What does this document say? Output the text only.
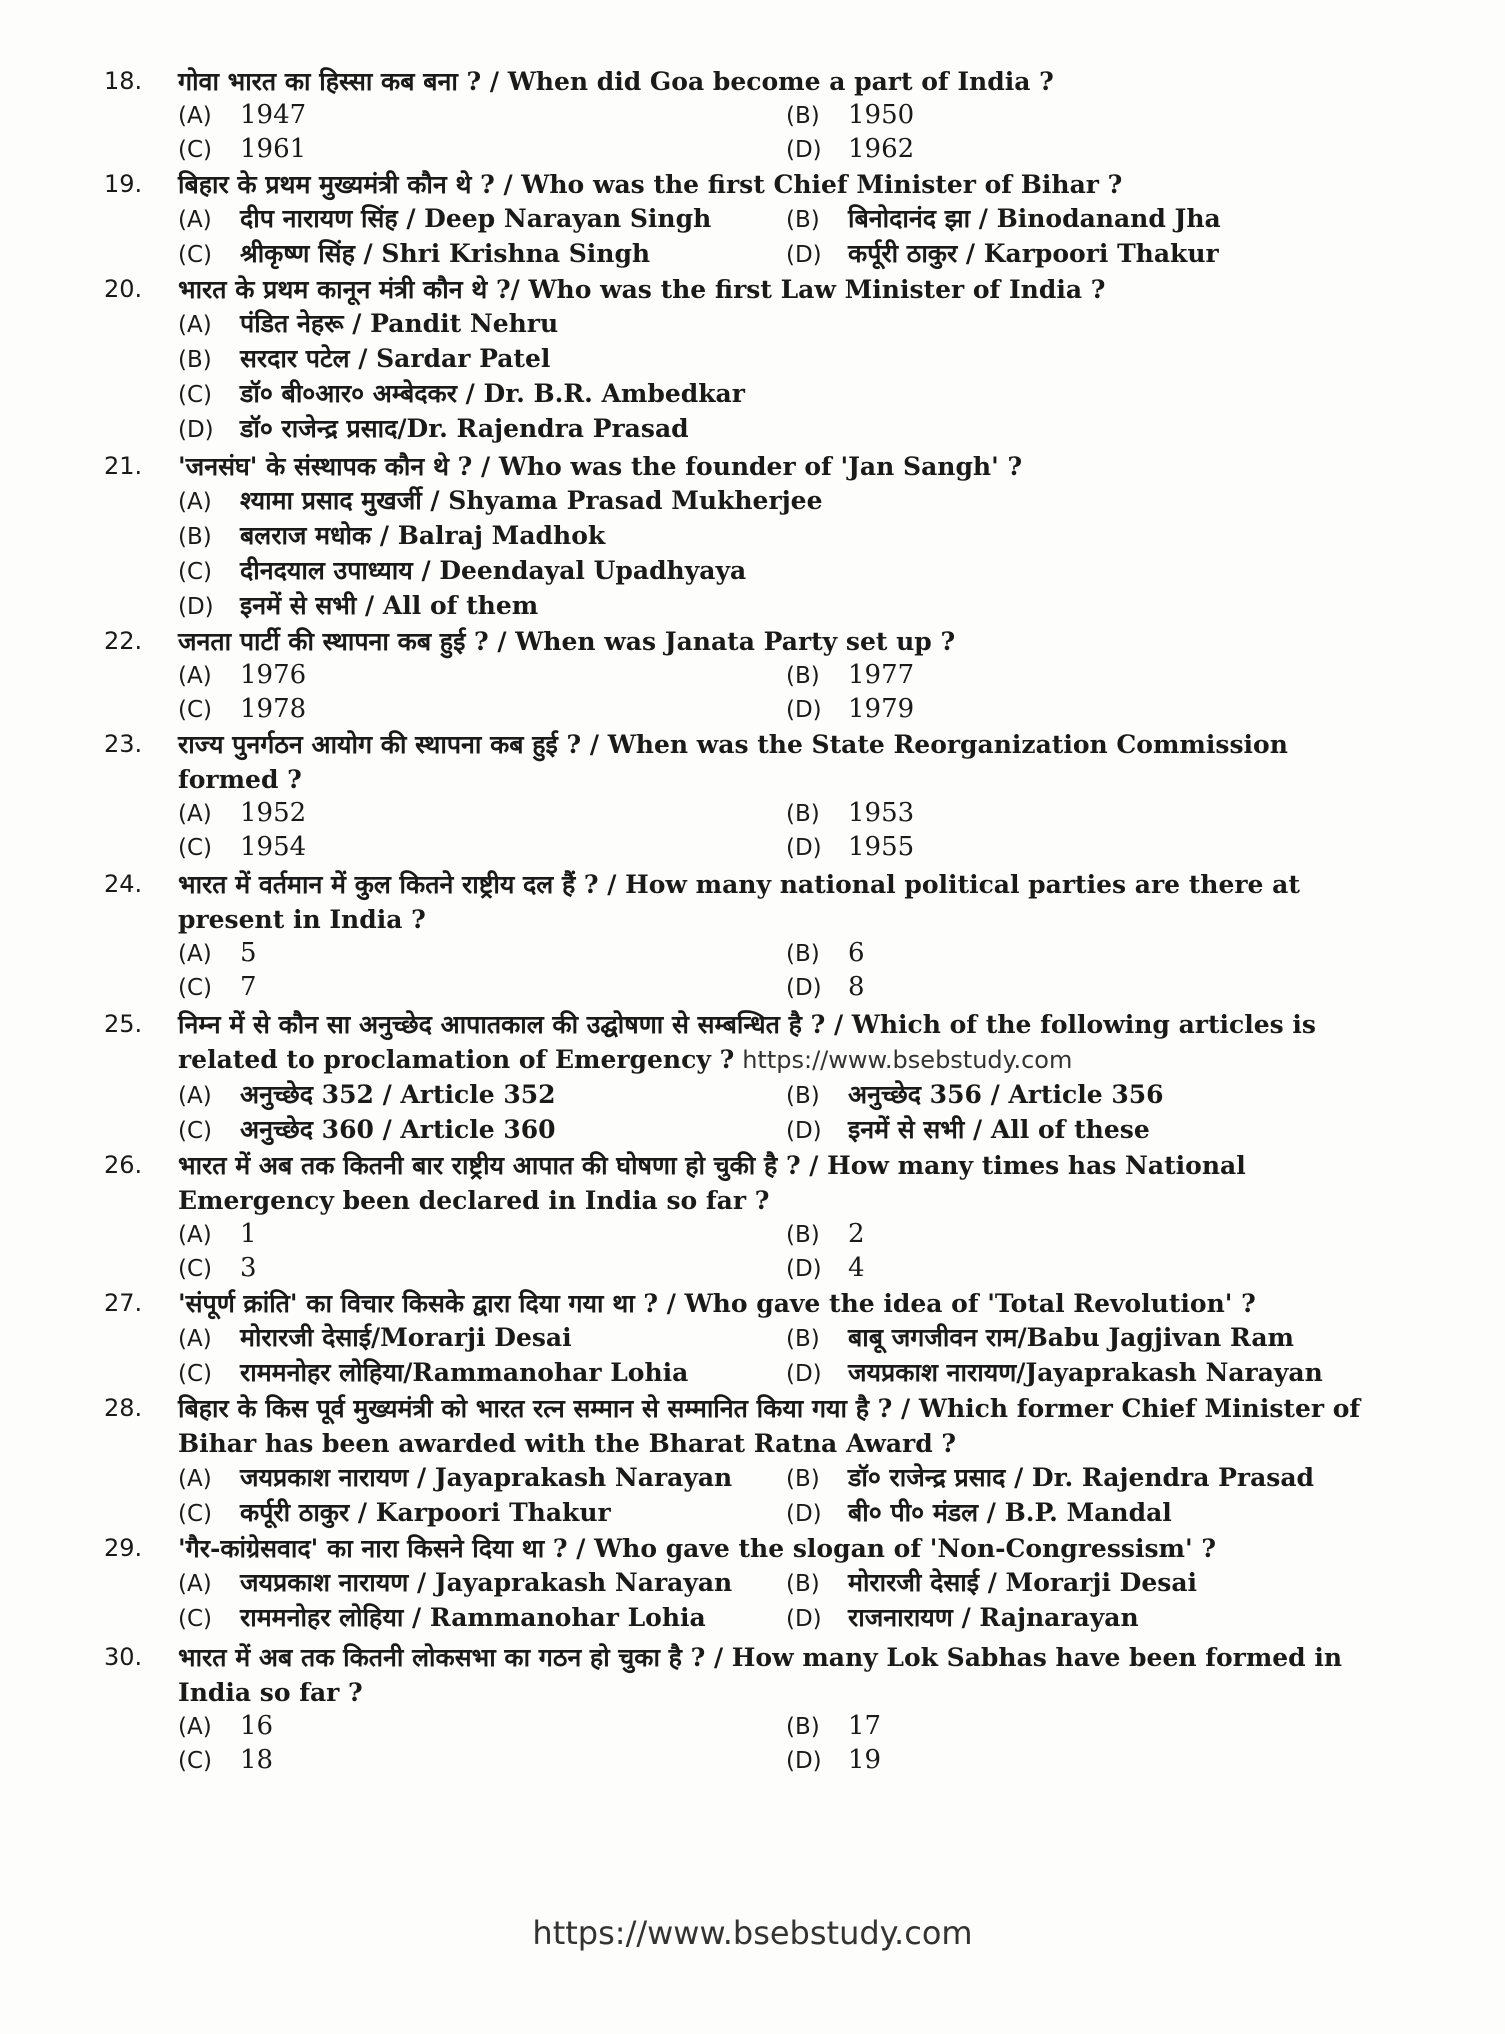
18.	गोवा भारत का हिस्सा कब बना ? / When did Goa become a part of India ?
(A)	1947	(B)	1950
(C)	1961	(D)	1962
19.	बिहार के प्रथम मुख्यमंत्री कौन थे ? / Who was the first Chief Minister of Bihar ?
(A)	दीप नारायण सिंह / Deep Narayan Singh	(B)	बिनोदानंद झा / Binodanand Jha
(C)	श्रीकृष्ण सिंह / Shri Krishna Singh	(D)	कर्पूरी ठाकुर / Karpoori Thakur
20.	भारत के प्रथम कानून मंत्री कौन थे ?/ Who was the first Law Minister of India ?
(A)	पंडित नेहरू / Pandit Nehru
(B)	सरदार पटेल / Sardar Patel
(C)	डॉ० बी०आर० अम्बेदकर / Dr. B.R. Ambedkar
(D)	डॉ० राजेन्द्र प्रसाद/Dr. Rajendra Prasad
21.	'जनसंघ' के संस्थापक कौन थे ? / Who was the founder of 'Jan Sangh' ?
(A)	श्यामा प्रसाद मुखर्जी / Shyama Prasad Mukherjee
(B)	बलराज मधोक / Balraj Madhok
(C)	दीनदयाल उपाध्याय / Deendayal Upadhyaya
(D)	इनमें से सभी / All of them
22.	जनता पार्टी की स्थापना कब हुई ? / When was Janata Party set up ?
(A)	1976	(B)	1977
(C)	1978	(D)	1979
23.	राज्य पुनर्गठन आयोग की स्थापना कब हुई ? / When was the State Reorganization Commission formed ?
(A)	1952	(B)	1953
(C)	1954	(D)	1955
24.	भारत में वर्तमान में कुल कितने राष्ट्रीय दल हैं ? / How many national political parties are there at present in India ?
(A)	5	(B)	6
(C)	7	(D)	8
25.	निम्न में से कौन सा अनुच्छेद आपातकाल की उद्घोषणा से सम्बन्धित है ? / Which of the following articles is related to proclamation of Emergency ? https://www.bsebstudy.com
(A)	अनुच्छेद 352 / Article 352	(B)	अनुच्छेद 356 / Article 356
(C)	अनुच्छेद 360 / Article 360	(D)	इनमें से सभी / All of these
26.	भारत में अब तक कितनी बार राष्ट्रीय आपात की घोषणा हो चुकी है ? / How many times has National Emergency been declared in India so far ?
(A)	1	(B)	2
(C)	3	(D)	4
27.	'संपूर्ण क्रांति' का विचार किसके द्वारा दिया गया था ? / Who gave the idea of 'Total Revolution' ?
(A)	मोरारजी देसाई/Morarji Desai	(B)	बाबू जगजीवन राम/Babu Jagjivan Ram
(C)	राममनोहर लोहिया/Rammanohar Lohia	(D)	जयप्रकाश नारायण/Jayaprakash Narayan
28.	बिहार के किस पूर्व मुख्यमंत्री को भारत रत्न सम्मान से सम्मानित किया गया है ? / Which former Chief Minister of Bihar has been awarded with the Bharat Ratna Award ?
(A)	जयप्रकाश नारायण / Jayaprakash Narayan	(B)	डॉ० राजेन्द्र प्रसाद / Dr. Rajendra Prasad
(C)	कर्पूरी ठाकुर / Karpoori Thakur	(D)	बी० पी० मंडल / B.P. Mandal
29.	'गैर-कांग्रेसवाद' का नारा किसने दिया था ? / Who gave the slogan of 'Non-Congressism' ?
(A)	जयप्रकाश नारायण / Jayaprakash Narayan	(B)	मोरारजी देसाई / Morarji Desai
(C)	राममनोहर लोहिया / Rammanohar Lohia	(D)	राजनारायण / Rajnarayan
30.	भारत में अब तक कितनी लोकसभा का गठन हो चुका है ? / How many Lok Sabhas have been formed in India so far ?
(A)	16	(B)	17
(C)	18	(D)	19
https://www.bsebstudy.com
